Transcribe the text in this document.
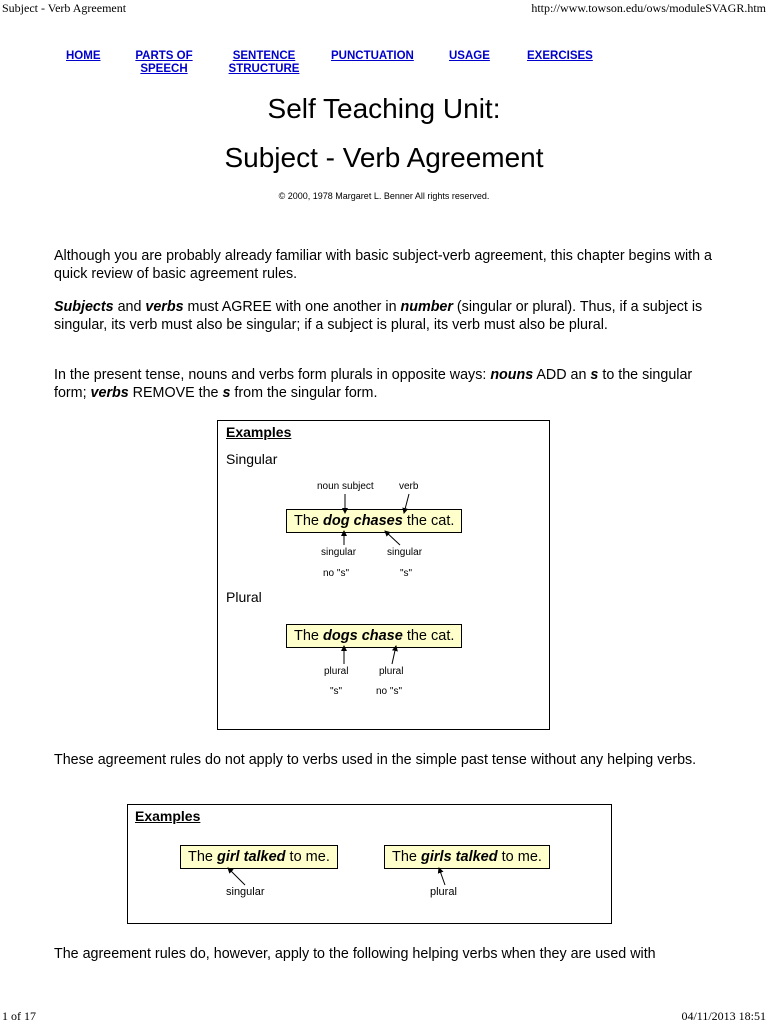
Subject - Verb Agreement	http://www.towson.edu/ows/moduleSVAGR.htm
HOME	PARTS OF
SPEECH
SENTENCE
STRUCTURE
PUNCTUATION	USAGE	EXERCISES
Self Teaching Unit:
Subject - Verb Agreement
© 2000, 1978 Margaret L. Benner All rights reserved.

Although you are probably already familiar with basic subject-verb agreement, this chapter begins with a quick review of basic agreement rules.

Subjects and verbs must AGREE with one another in number (singular or plural). Thus, if a subject is singular, its verb must also be singular; if a subject is plural, its verb must also be plural.

In the present tense, nouns and verbs form plurals in opposite ways: nouns ADD an s to the singular form; verbs REMOVE the s from the singular form.

Examples
Singular
noun subject	verb
The dog chases the cat.
singular	singular
no "s"	"s"
Plural
The dogs chase the cat.
plural	plural
"s"	no "s"

These agreement rules do not apply to verbs used in the simple past tense without any helping verbs.

Examples
The girl talked to me.	The girls talked to me.
singular	plural

The agreement rules do, however, apply to the following helping verbs when they are used with

1 of 17	04/11/2013 18:51
